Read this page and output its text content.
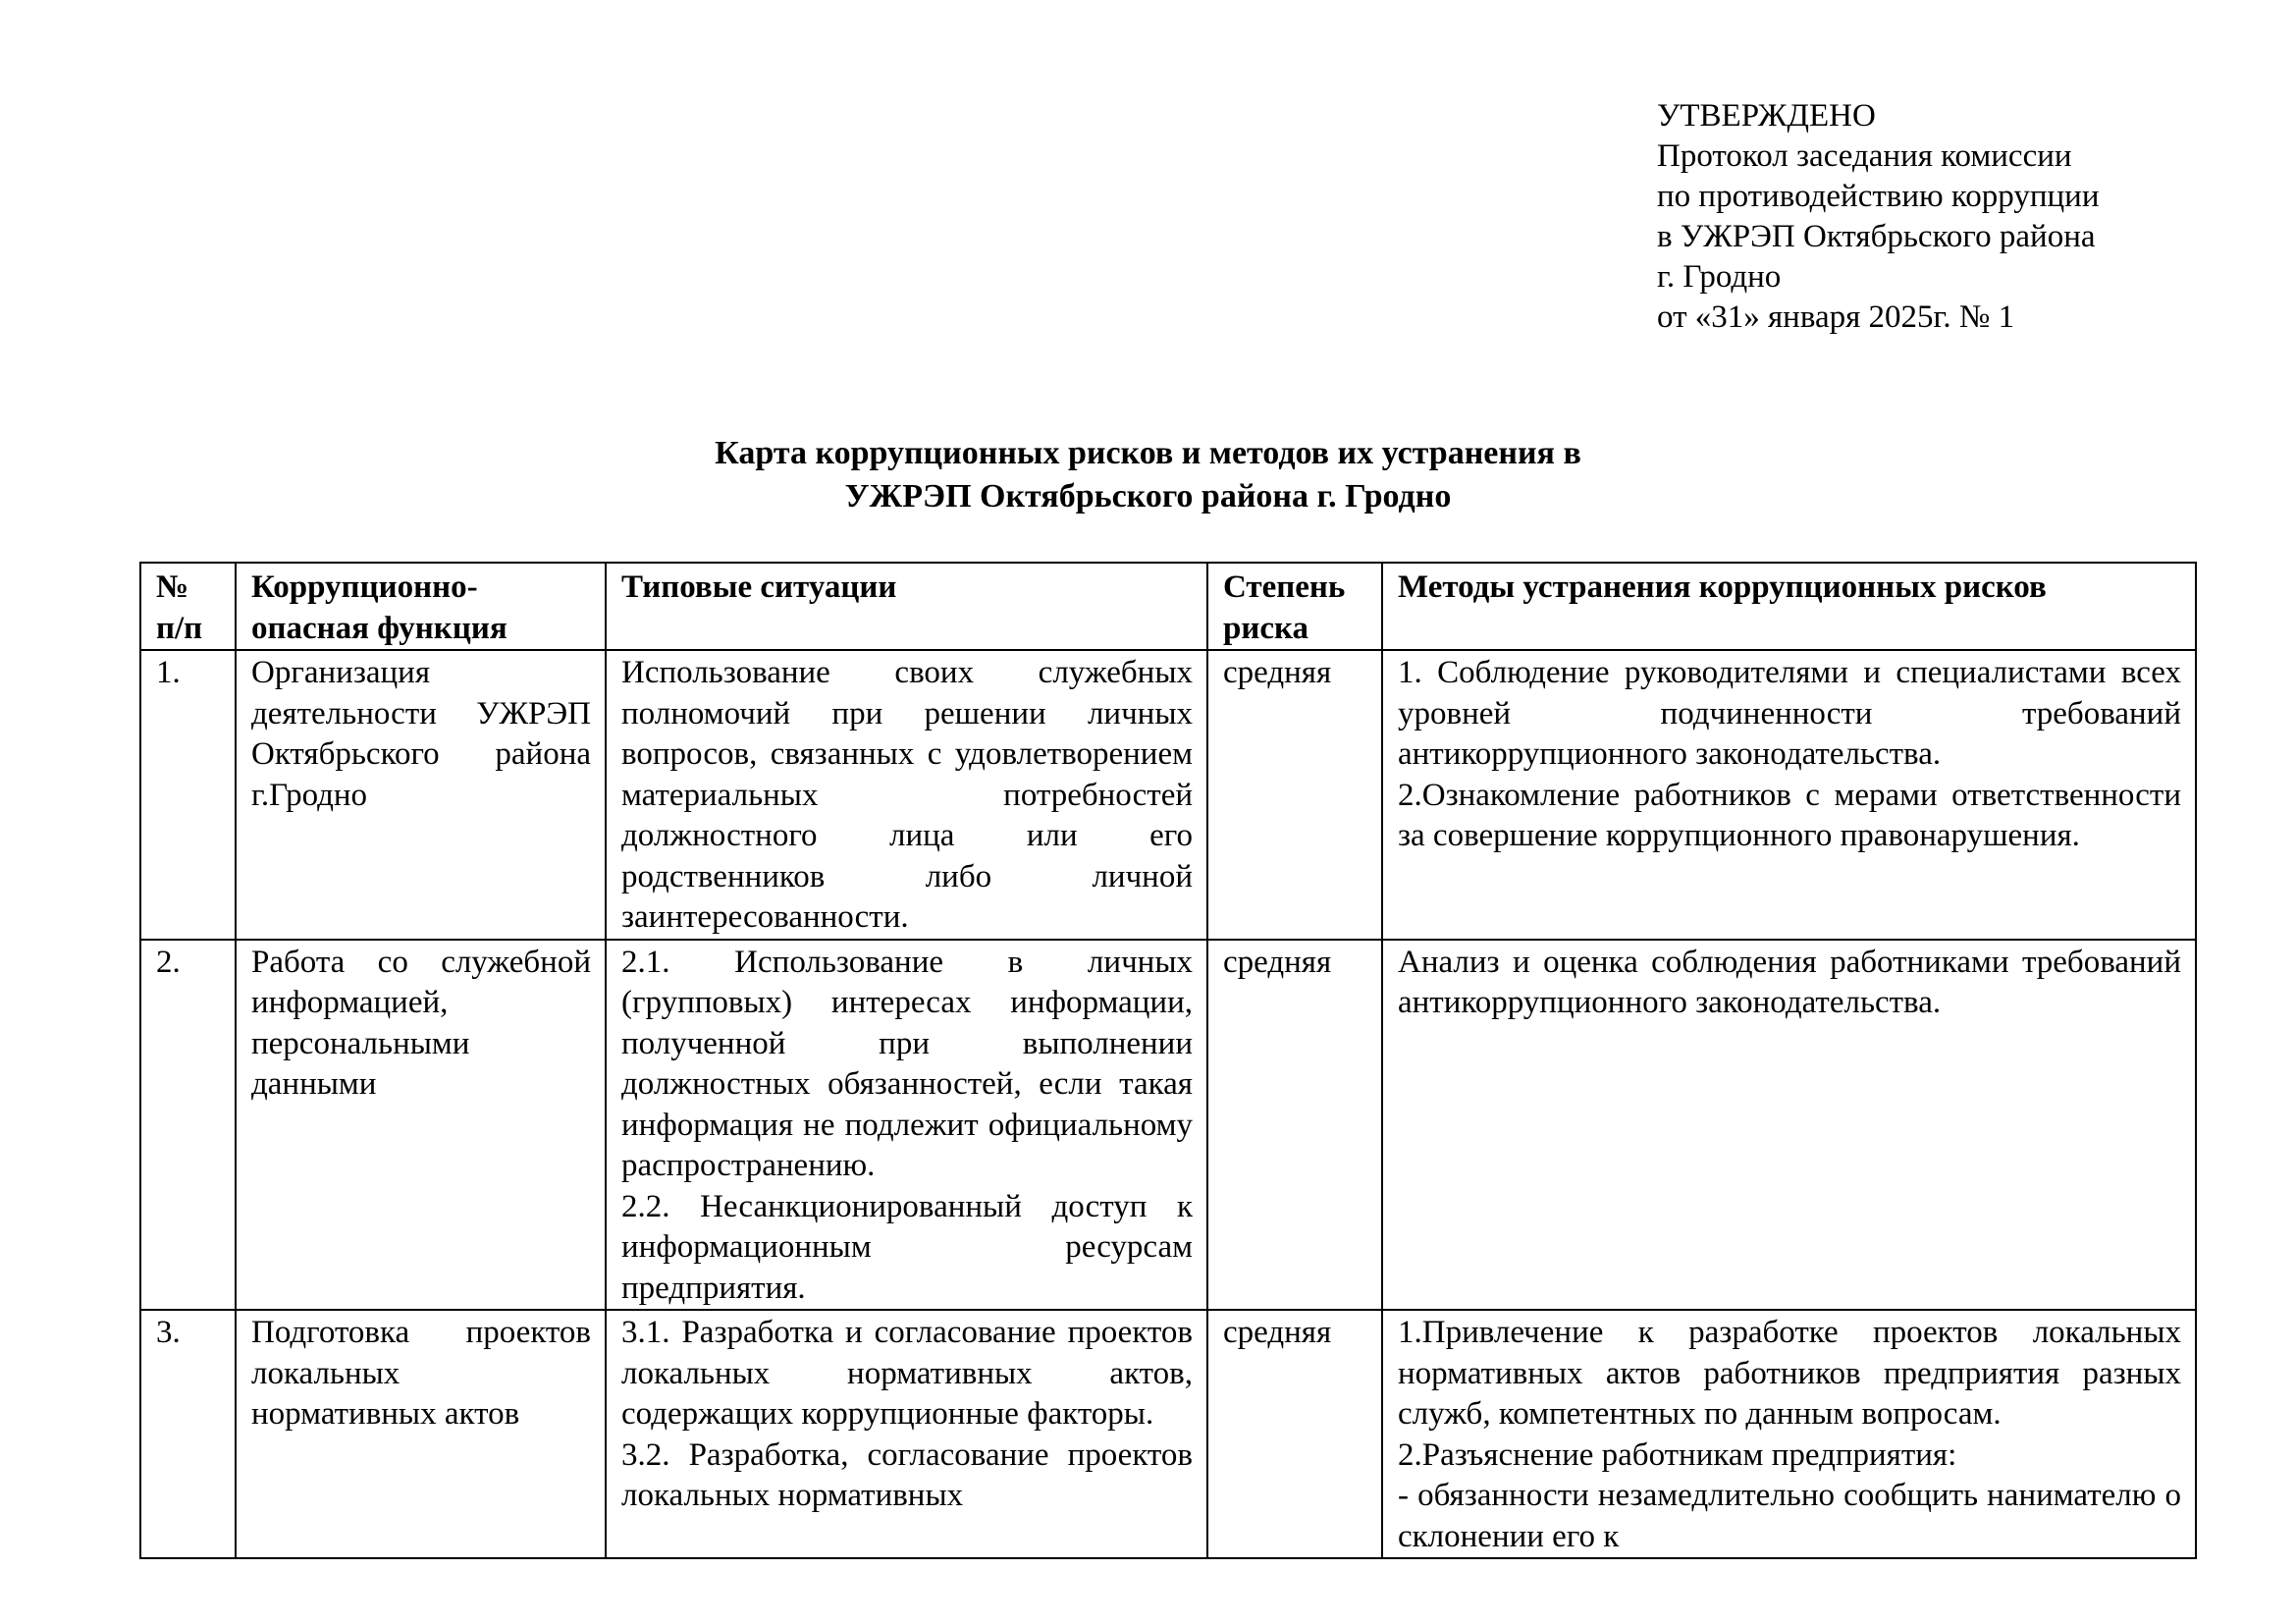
УТВЕРЖДЕНО
Протокол заседания комиссии
по противодействию коррупции
в УЖРЭП Октябрьского района
г. Гродно
от «31» января 2025г. № 1
Карта коррупционных рисков и методов их устранения в
УЖРЭП Октябрьского района г. Гродно
№ п/п	Коррупционно-опасная функция	Типовые ситуации	Степень риска	Методы устранения коррупционных рисков
1.	Организация деятельности УЖРЭП Октябрьского района г.Гродно	Использование своих служебных полномочий при решении личных вопросов, связанных с удовлетворением материальных потребностей должностного лица или его родственников либо личной заинтересованности.	средняя	1. Соблюдение руководителями и специалистами всех уровней подчиненности требований антикоррупционного законодательства.
2.Ознакомление работников с мерами ответственности за совершение коррупционного правонарушения.

2.	Работа со служебной информацией, персональными данными	2.1. Использование в личных (групповых) интересах информации, полученной при выполнении должностных обязанностей, если такая информация не подлежит официальному распространению.
2.2. Несанкционированный доступ к информационным ресурсам предприятия.	средняя	Анализ и оценка соблюдения работниками требований антикоррупционного законодательства.

3.	Подготовка проектов локальных нормативных актов	3.1. Разработка и согласование проектов локальных нормативных актов, содержащих коррупционные факторы.
3.2. Разработка, согласование проектов локальных нормативных	средняя	1.Привлечение к разработке проектов локальных нормативных актов работников предприятия разных служб, компетентных по данным вопросам.
2.Разъяснение работникам предприятия:
- обязанности незамедлительно сообщить нанимателю о склонении его к
